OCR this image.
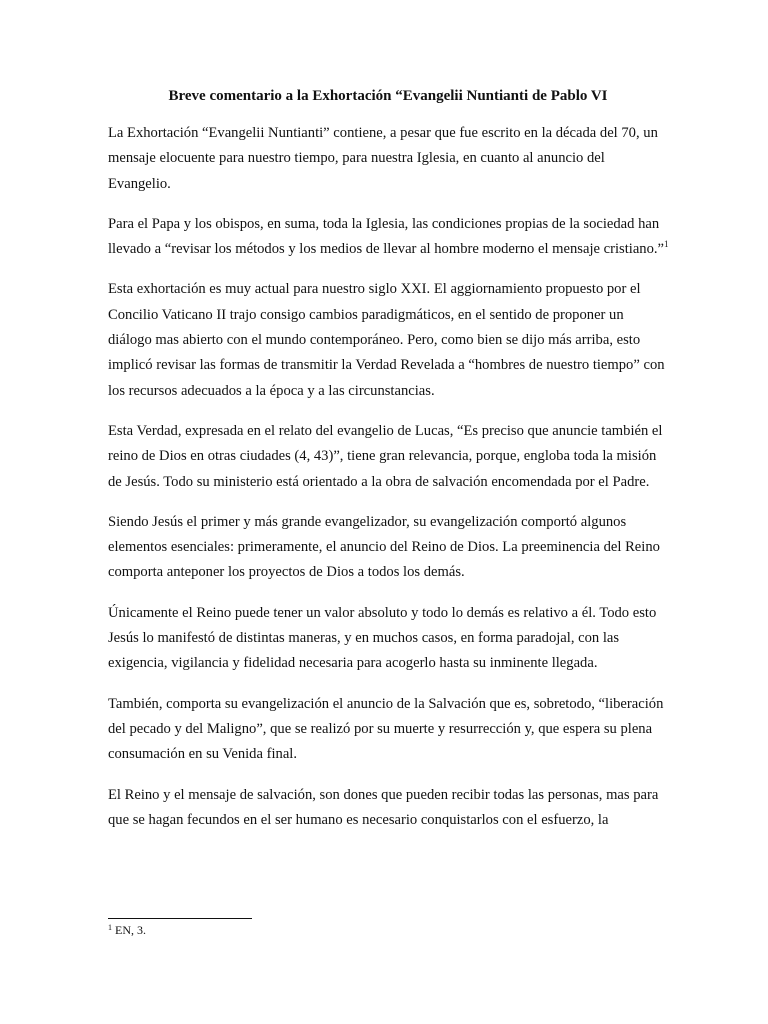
Breve comentario a la Exhortación “Evangelii Nuntianti de Pablo VI

La Exhortación “Evangelii Nuntianti” contiene, a pesar que fue escrito en la década del 70, un mensaje elocuente para nuestro tiempo, para nuestra Iglesia, en cuanto al anuncio del Evangelio.

Para el Papa y los obispos, en suma, toda la Iglesia, las condiciones propias de la sociedad han llevado a “revisar los métodos y los medios de llevar al hombre moderno el mensaje cristiano.”$^1$

Esta exhortación es muy actual para nuestro siglo XXI. El aggiornamiento propuesto por el Concilio Vaticano II trajo consigo cambios paradigmáticos, en el sentido de proponer un diálogo mas abierto con el mundo contemporáneo. Pero, como bien se dijo más arriba, esto implicó revisar las formas de transmitir la Verdad Revelada a “hombres de nuestro tiempo” con los recursos adecuados a la época y a las circunstancias.

Esta Verdad, expresada en el relato del evangelio de Lucas, “Es preciso que anuncie también el reino de Dios en otras ciudades (4, 43)”, tiene gran relevancia, porque, engloba toda la misión de Jesús. Todo su ministerio está orientado a la obra de salvación encomendada por el Padre.

Siendo Jesús el primer y más grande evangelizador, su evangelización comportó algunos elementos esenciales: primeramente, el anuncio del Reino de Dios. La preeminencia del Reino comporta anteponer los proyectos de Dios a todos los demás.

Únicamente el Reino puede tener un valor absoluto y todo lo demás es relativo a él. Todo esto Jesús lo manifestó de distintas maneras, y en muchos casos, en forma paradojal, con las exigencia, vigilancia y fidelidad necesaria para acogerlo hasta su inminente llegada.

También, comporta su evangelización el anuncio de la Salvación que es, sobretodo, “liberación del pecado y del Maligno”, que se realizó por su muerte y resurrección y, que espera su plena consumación en su Venida final.

El Reino y el mensaje de salvación, son dones que pueden recibir todas las personas, mas para que se hagan fecundos en el ser humano es necesario conquistarlos con el esfuerzo, la

$^1$ EN, 3.
